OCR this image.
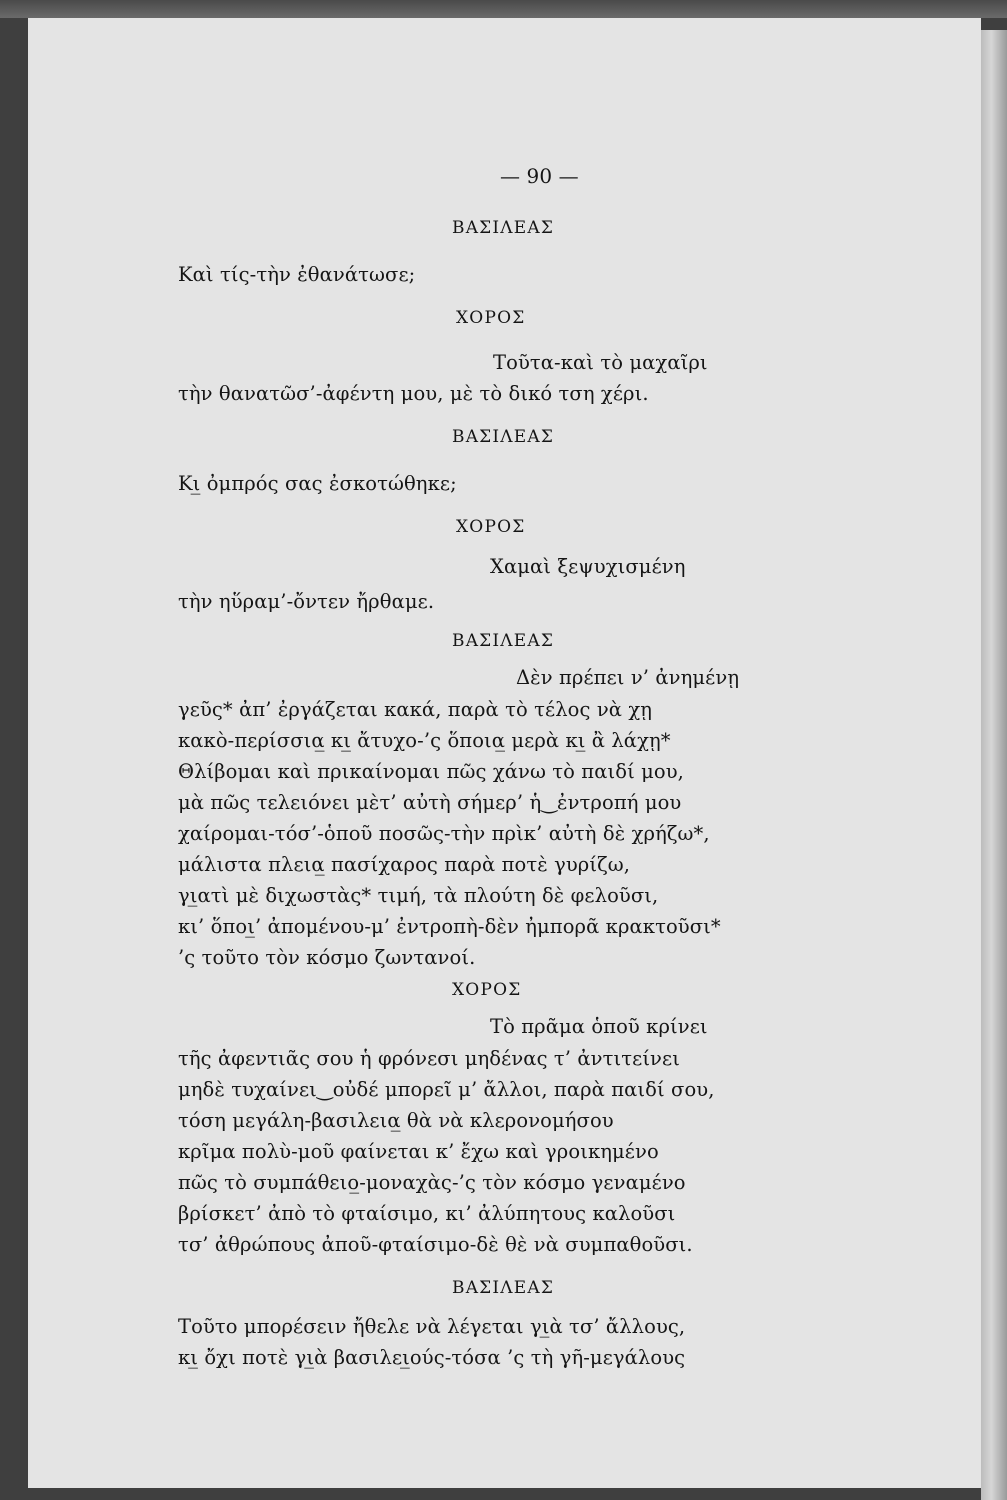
— 90 —
ΒΑΣΙΛΕΑΣ
Καὶ τίς-τὴν ἐθανάτωσε;
ΧΟΡΟΣ
Τοῦτα-καὶ τὸ μαχαῖρι
τὴν θανατῶσ’-ἀφέντη μου, μὲ τὸ δικό τση χέρι.
ΒΑΣΙΛΕΑΣ
Κι̲ ὀμπρός σας ἐσκοτώθηκε;
ΧΟΡΟΣ
Χαμαὶ ξεψυχισμένη
τὴν ηὕραμ’-ὄντεν ἤρθαμε.
ΒΑΣΙΛΕΑΣ
Δὲν πρέπει ν’ ἀνημένῃ
γεῦς* ἀπ’ ἐργάζεται κακά, παρὰ τὸ τέλος νὰ χῃ
κακὸ-περίσσια̲ κι̲ ἄτυχο-’ς ὅποια̲ μερὰ κι̲ ἂ λάχῃ*
Θλίβομαι καὶ πρικαίνομαι πῶς χάνω τὸ παιδί μου,
μὰ πῶς τελειόνει μὲτ’ αὐτὴ σήμερ’ ἡ‿ἐντροπή μου
χαίρομαι-τόσ’-ὁποῦ ποσῶς-τὴν πρὶκ’ αὐτὴ δὲ χρήζω*,
μάλιστα πλεια̲ πασίχαρος παρὰ ποτὲ γυρίζω,
γι̲ατὶ μὲ διχωστὰς* τιμή, τὰ πλούτη δὲ φελοῦσι,
κι’ ὅποι̲’ ἀπομένου-μ’ ἐντροπὴ-δὲν ἠμπορᾶ κρακτοῦσι*
’ς τοῦτο τὸν κόσμο ζωντανοί.
ΧΟΡΟΣ
Τὸ πρᾶμα ὁποῦ κρίνει
τῆς ἀφεντιᾶς σου ἡ φρόνεσι μηδένας τ’ ἀντιτείνει
μηδὲ τυχαίνει‿οὐδέ μπορεῖ μ’ ἄλλοι, παρὰ παιδί σου,
τόση μεγάλη-βασιλεια̲ θὰ νὰ κλερονομήσου
κρῖμα πολὺ-μοῦ φαίνεται κ’ ἔχω καὶ γροικημένο
πῶς τὸ συμπάθειο̲-μοναχὰς-’ς τὸν κόσμο γεναμένο
βρίσκετ’ ἀπὸ τὸ φταίσιμο, κι’ ἀλύπητους καλοῦσι
τσ’ ἀθρώπους ἀποῦ-φταίσιμο-δὲ θὲ νὰ συμπαθοῦσι.
ΒΑΣΙΛΕΑΣ
Τοῦτο μπορέσειν ἤθελε νὰ λέγεται γι̲ὰ τσ’ ἄλλους,
κι̲ ὄχι ποτὲ γι̲ὰ βασιλει̲ούς-τόσα ’ς τὴ γῆ-μεγάλους
